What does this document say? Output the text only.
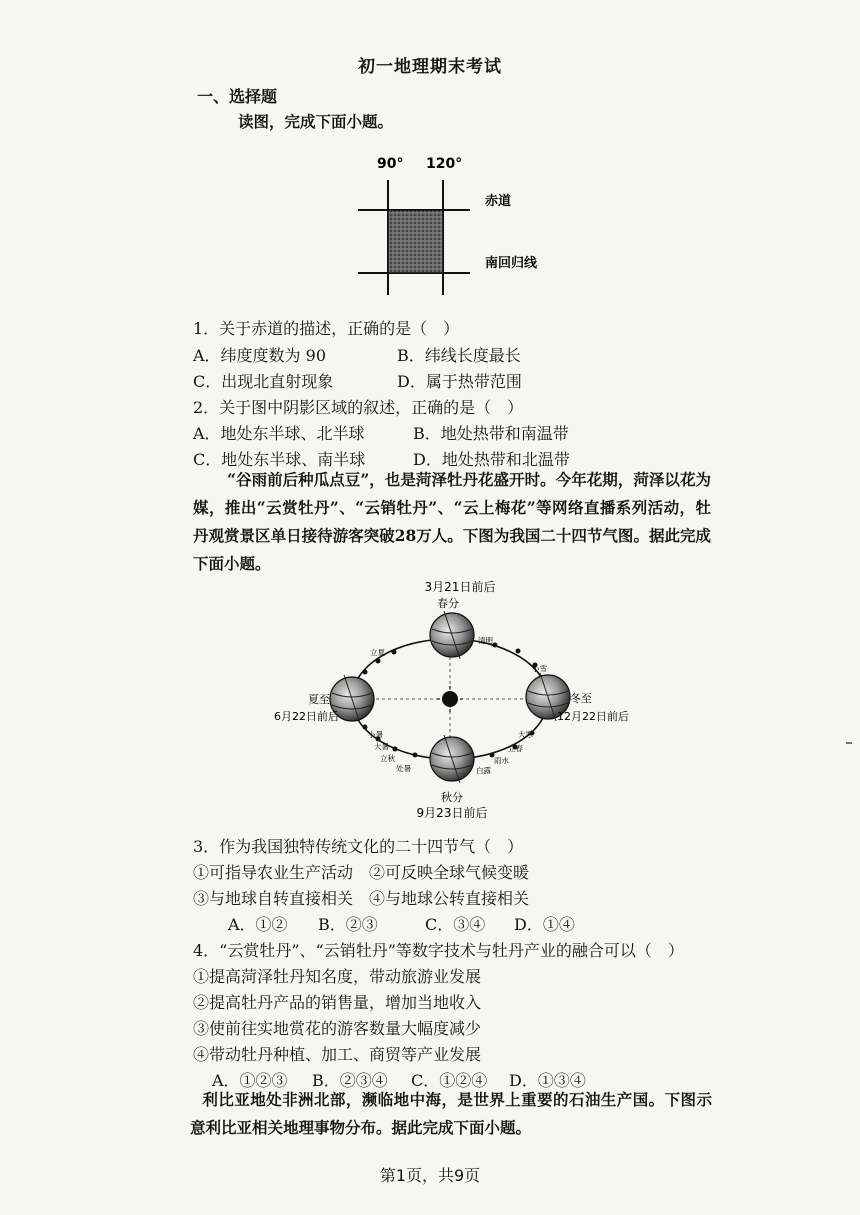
初一地理期末考试
一、选择题
读图，完成下面小题。
90° 120°
赤道
南回归线
1．关于赤道的描述，正确的是（　）
A．纬度度数为 90	B．纬线长度最长
C．出现北直射现象	D．属于热带范围
2．关于图中阴影区域的叙述，正确的是（　）
A．地处东半球、北半球	B．地处热带和南温带
C．地处东半球、南半球	D．地处热带和北温带
“谷雨前后种瓜点豆”，也是菏泽牡丹花盛开时。今年花期，菏泽以花为媒，推出“云赏牡丹”、“云销牡丹”、“云上梅花”等网络直播系列活动，牡丹观赏景区单日接待游客突破28万人。下图为我国二十四节气图。据此完成下面小题。
3月21日前后
春分
夏至
6月22日前后
冬至
12月22日前后
秋分
9月23日前后
小暑
大暑
立秋
处暑
大寒
立春
雨水
白露
立夏
清明
小雪
3．作为我国独特传统文化的二十四节气（　）
①可指导农业生产活动　②可反映全球气候变暖
③与地球自转直接相关　④与地球公转直接相关
A．①② B．②③	C．③④ D．①④
4．“云赏牡丹”、“云销牡丹”等数字技术与牡丹产业的融合可以（　）
①提高菏泽牡丹知名度，带动旅游业发展
②提高牡丹产品的销售量，增加当地收入
③使前往实地赏花的游客数量大幅度减少
④带动牡丹种植、加工、商贸等产业发展
A．①②③ B．②③④ C．①②④ D．①③④
利比亚地处非洲北部，濒临地中海，是世界上重要的石油生产国。下图示意利比亚相关地理事物分布。据此完成下面小题。
第1页，共9页
